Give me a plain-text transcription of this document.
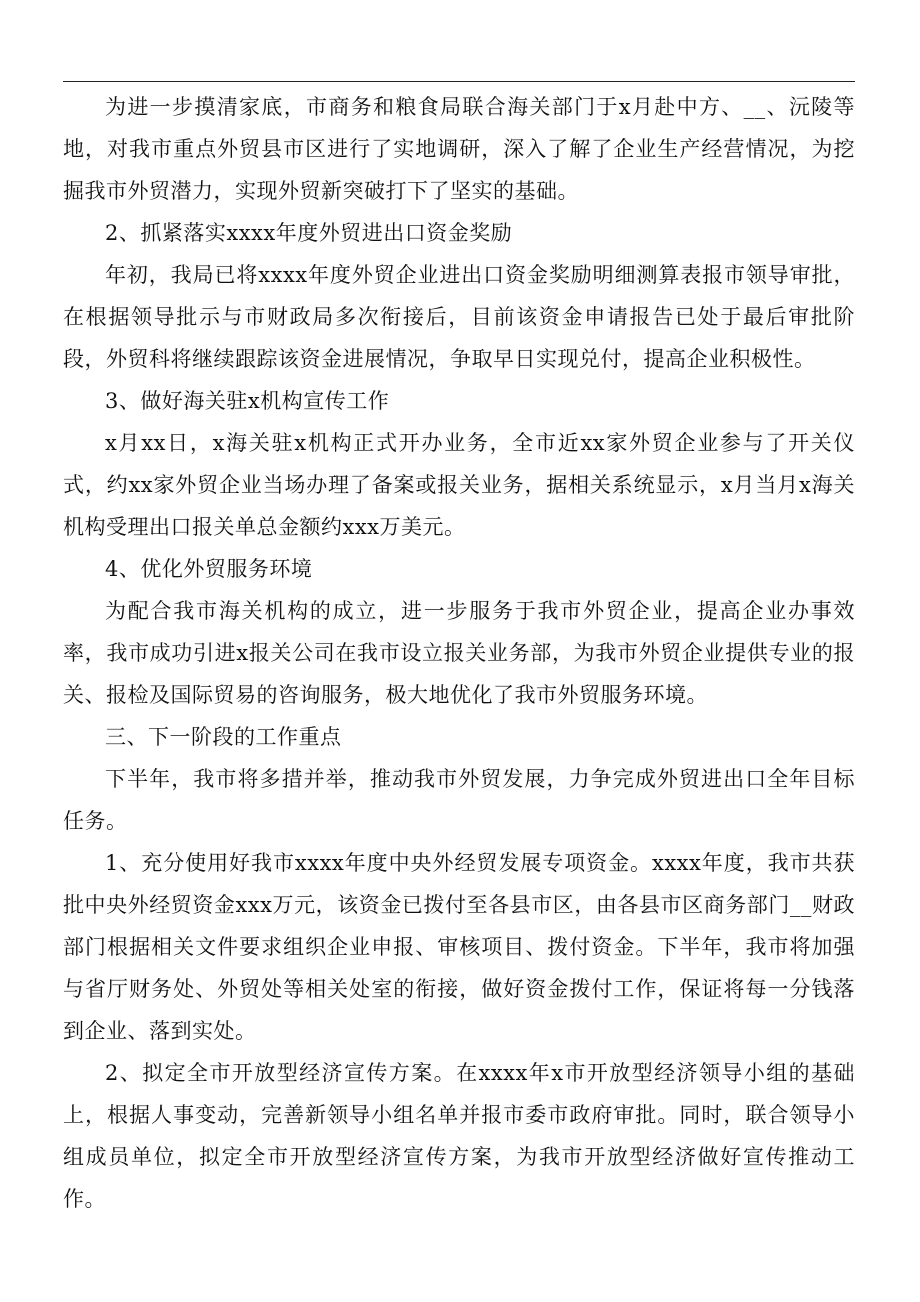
为进一步摸清家底，市商务和粮食局联合海关部门于x月赴中方、__、沅陵等地，对我市重点外贸县市区进行了实地调研，深入了解了企业生产经营情况，为挖掘我市外贸潜力，实现外贸新突破打下了坚实的基础。

2、抓紧落实xxxx年度外贸进出口资金奖励

年初，我局已将xxxx年度外贸企业进出口资金奖励明细测算表报市领导审批，在根据领导批示与市财政局多次衔接后，目前该资金申请报告已处于最后审批阶段，外贸科将继续跟踪该资金进展情况，争取早日实现兑付，提高企业积极性。

3、做好海关驻x机构宣传工作

x月xx日，x海关驻x机构正式开办业务，全市近xx家外贸企业参与了开关仪式，约xx家外贸企业当场办理了备案或报关业务，据相关系统显示，x月当月x海关机构受理出口报关单总金额约xxx万美元。

4、优化外贸服务环境

为配合我市海关机构的成立，进一步服务于我市外贸企业，提高企业办事效率，我市成功引进x报关公司在我市设立报关业务部，为我市外贸企业提供专业的报关、报检及国际贸易的咨询服务，极大地优化了我市外贸服务环境。

三、下一阶段的工作重点

下半年，我市将多措并举，推动我市外贸发展，力争完成外贸进出口全年目标任务。

1、充分使用好我市xxxx年度中央外经贸发展专项资金。xxxx年度，我市共获批中央外经贸资金xxx万元，该资金已拨付至各县市区，由各县市区商务部门__财政部门根据相关文件要求组织企业申报、审核项目、拨付资金。下半年，我市将加强与省厅财务处、外贸处等相关处室的衔接，做好资金拨付工作，保证将每一分钱落到企业、落到实处。

2、拟定全市开放型经济宣传方案。在xxxx年x市开放型经济领导小组的基础上，根据人事变动，完善新领导小组名单并报市委市政府审批。同时，联合领导小组成员单位，拟定全市开放型经济宣传方案，为我市开放型经济做好宣传推动工作。
